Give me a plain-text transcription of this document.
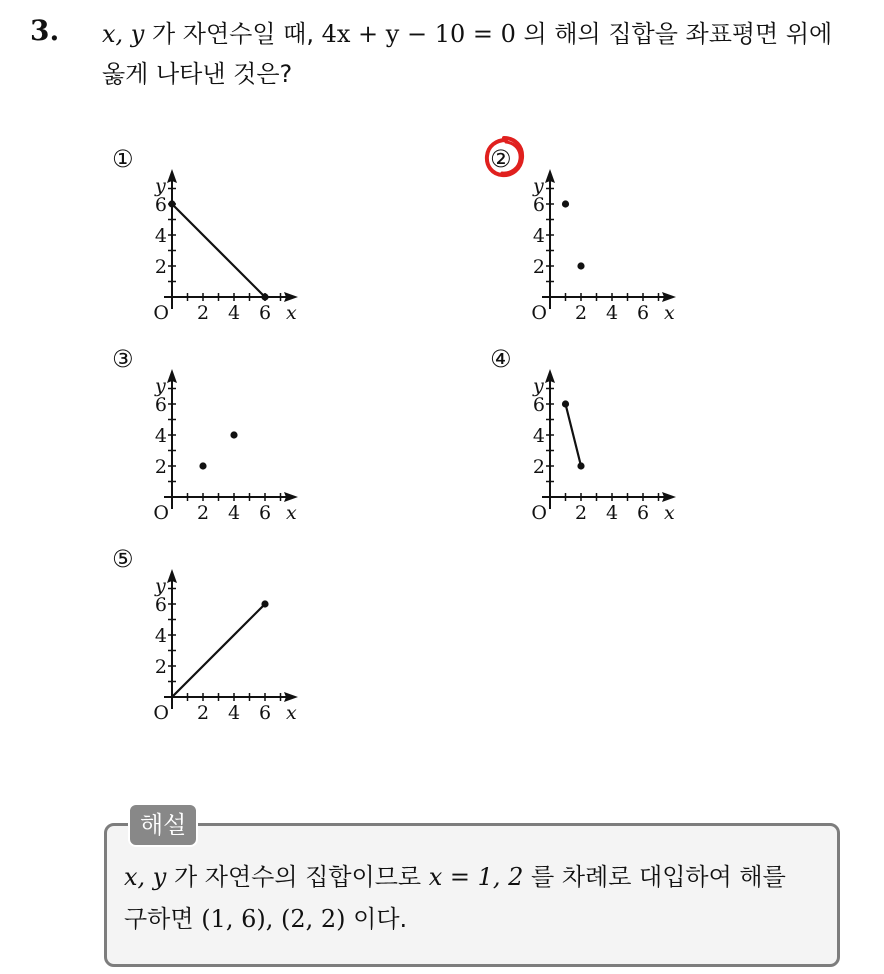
3. x, y 가 자연수일 때, 4x + y − 10 = 0 의 해의 집합을 좌표평면 위에
옳게 나타낸 것은?
①
2 4 6
2
4
6
O	x
y
②
2 4 6
2
4
6
O	x
y
③
2 4 6
2
4
6
O	x
y
④
2 4 6
2
4
6
O	x
y
⑤
2 4 6
2
4
6
O	x
y
해설
x, y 가 자연수의 집합이므로 x = 1, 2 를 차례로 대입하여 해를
구하면 (1, 6), (2, 2) 이다.
